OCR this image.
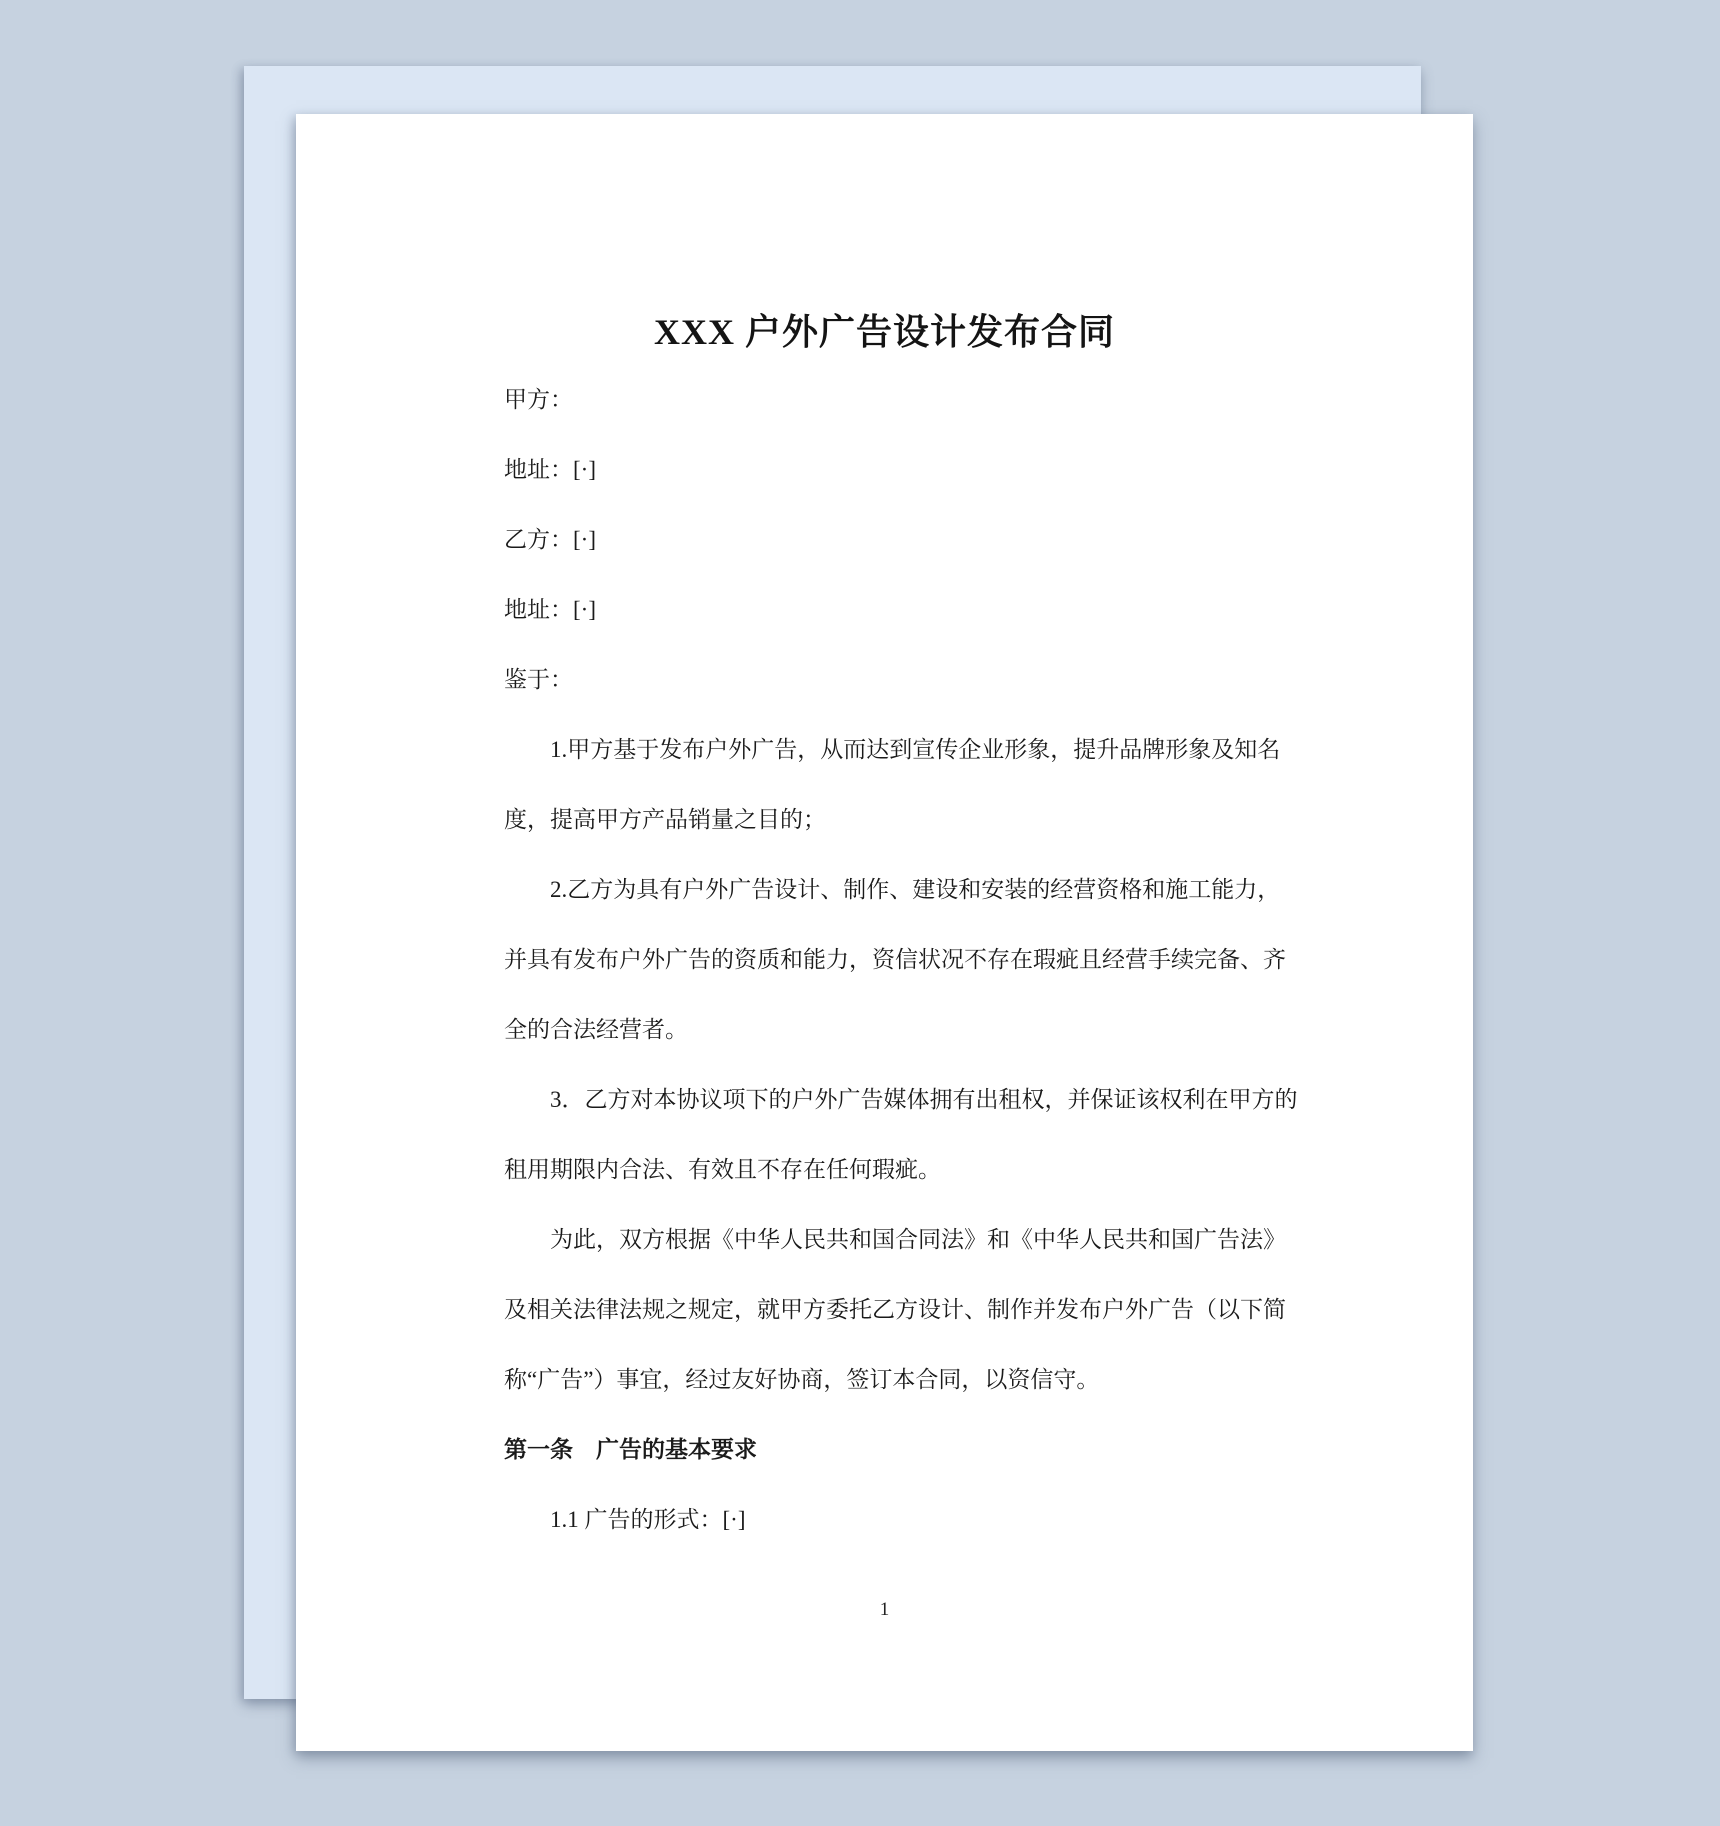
XXX 户外广告设计发布合同
甲方：
地址：[·]
乙方：[·]
地址：[·]
鉴于：
1.甲方基于发布户外广告，从而达到宣传企业形象，提升品牌形象及知名
度，提高甲方产品销量之目的；
2.乙方为具有户外广告设计、制作、建设和安装的经营资格和施工能力，
并具有发布户外广告的资质和能力，资信状况不存在瑕疵且经营手续完备、齐
全的合法经营者。
3．乙方对本协议项下的户外广告媒体拥有出租权，并保证该权利在甲方的
租用期限内合法、有效且不存在任何瑕疵。
为此，双方根据《中华人民共和国合同法》和《中华人民共和国广告法》
及相关法律法规之规定，就甲方委托乙方设计、制作并发布户外广告（以下简
称“广告”）事宜，经过友好协商，签订本合同，以资信守。
第一条　广告的基本要求
1.1 广告的形式：[·]
1
